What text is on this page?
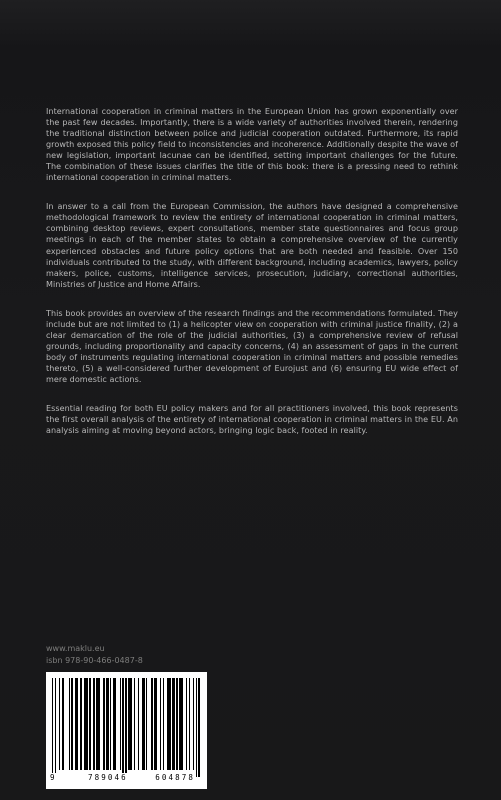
International cooperation in criminal matters in the European Union has grown exponentially over the past few decades. Importantly, there is a wide variety of authorities involved therein, rendering the traditional distinction between police and judicial cooperation outdated. Furthermore, its rapid growth exposed this policy field to inconsistencies and incoherence. Additionally despite the wave of new legislation, important lacunae can be identified, setting important challenges for the future. The combination of these issues clarifies the title of this book: there is a pressing need to rethink international cooperation in criminal matters.

In answer to a call from the European Commission, the authors have designed a comprehensive methodological framework to review the entirety of international cooperation in criminal matters, combining desktop reviews, expert consultations, member state questionnaires and focus group meetings in each of the member states to obtain a comprehensive overview of the currently experienced obstacles and future policy options that are both needed and feasible. Over 150 individuals contributed to the study, with different background, including academics, lawyers, policy makers, police, customs, intelligence services, prosecution, judiciary, correctional authorities, Ministries of Justice and Home Affairs.

This book provides an overview of the research findings and the recommendations formulated. They include but are not limited to (1) a helicopter view on cooperation with criminal justice finality, (2) a clear demarcation of the role of the judicial authorities, (3) a comprehensive review of refusal grounds, including proportionality and capacity concerns, (4) an assessment of gaps in the current body of instruments regulating international cooperation in criminal matters and possible remedies thereto, (5) a well-considered further development of Eurojust and (6) ensuring EU wide effect of mere domestic actions.

Essential reading for both EU policy makers and for all practitioners involved, this book represents the first overall analysis of the entirety of international cooperation in criminal matters in the EU. An analysis aiming at moving beyond actors, bringing logic back, footed in reality.

www.maklu.eu
isbn 978-90-466-0487-8
9	789046	604878
